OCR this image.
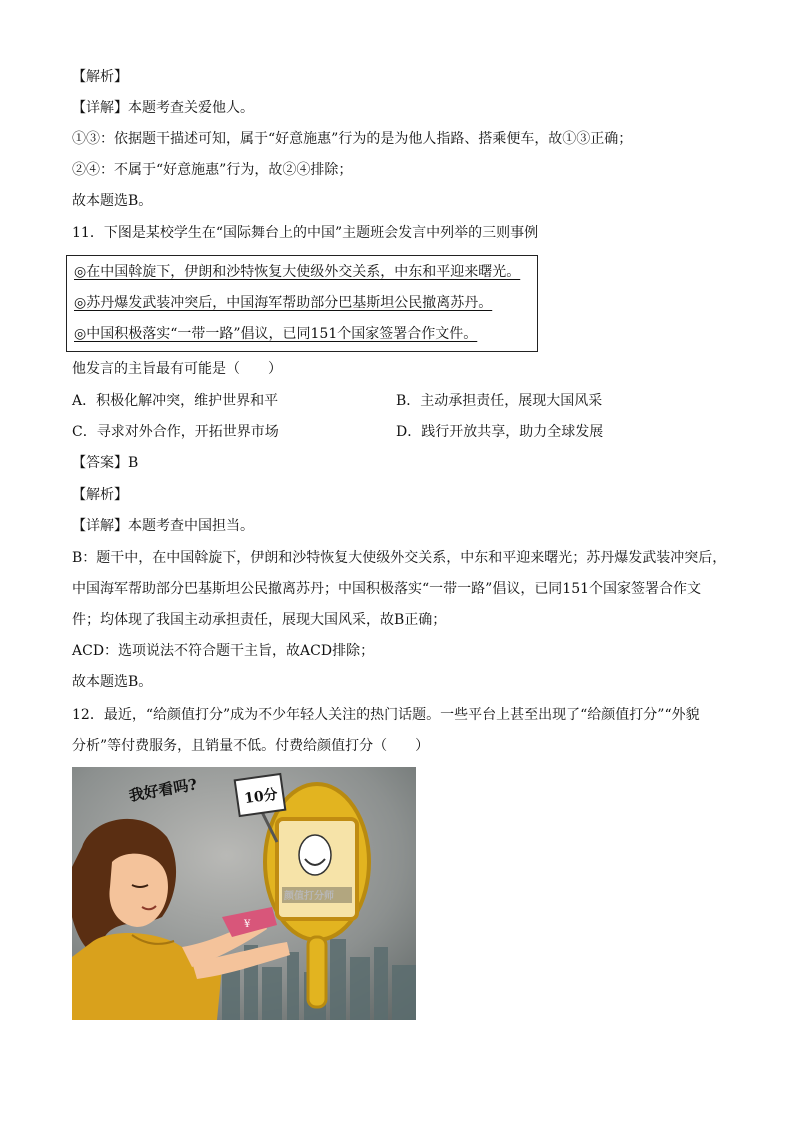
【解析】
【详解】本题考查关爱他人。
①③：依据题干描述可知，属于“好意施惠”行为的是为他人指路、搭乘便车，故①③正确；
②④：不属于“好意施惠”行为，故②④排除；
故本题选B。
11．下图是某校学生在“国际舞台上的中国”主题班会发言中列举的三则事例
◎在中国斡旋下，伊朗和沙特恢复大使级外交关系，中东和平迎来曙光。
◎苏丹爆发武装冲突后，中国海军帮助部分巴基斯坦公民撤离苏丹。
◎中国积极落实“一带一路”倡议，已同151个国家签署合作文件。
他发言的主旨最有可能是（　　）
A．积极化解冲突，维护世界和平	B．主动承担责任，展现大国风采
C．寻求对外合作，开拓世界市场	D．践行开放共享，助力全球发展
【答案】B
【解析】
【详解】本题考查中国担当。
B：题干中，在中国斡旋下，伊朗和沙特恢复大使级外交关系，中东和平迎来曙光；苏丹爆发武装冲突后，
中国海军帮助部分巴基斯坦公民撤离苏丹；中国积极落实“一带一路”倡议，已同151个国家签署合作文
件；均体现了我国主动承担责任，展现大国风采，故B正确；
ACD：选项说法不符合题干主旨，故ACD排除；
故本题选B。
12．最近，“给颜值打分”成为不少年轻人关注的热门话题。一些平台上甚至出现了“给颜值打分”“外貌
分析”等付费服务，且销量不低。付费给颜值打分（　　）
我好看吗?
颜值打分师
10分
¥
